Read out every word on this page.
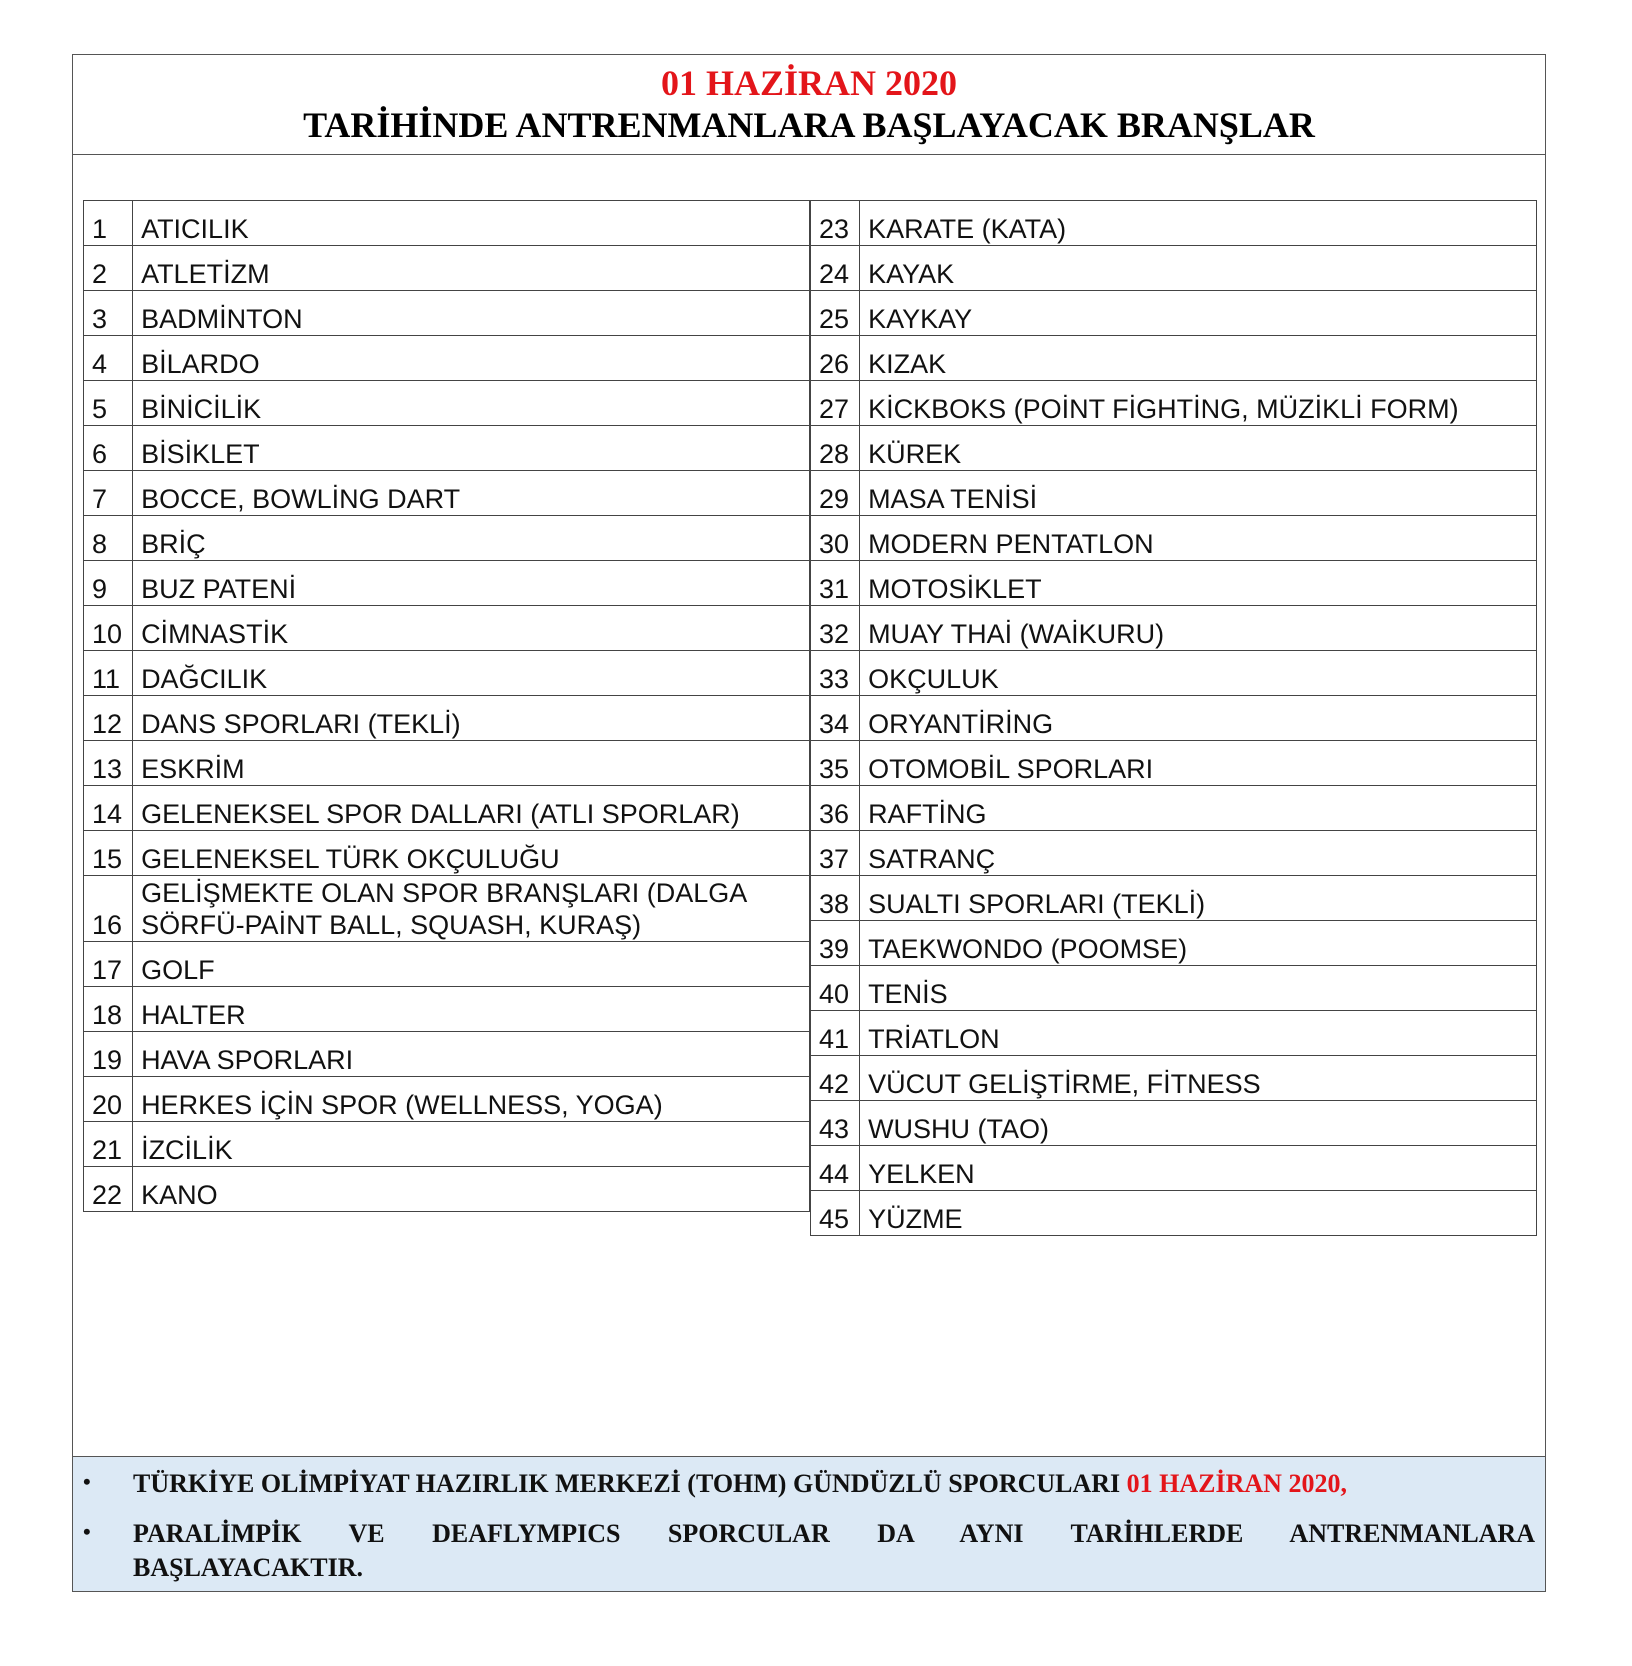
01 HAZİRAN 2020
TARİHİNDE ANTRENMANLARA BAŞLAYACAK BRANŞLAR
1	ATICILIK
2	ATLETİZM
3	BADMİNTON
4	BİLARDO
5	BİNİCİLİK
6	BİSİKLET
7	BOCCE, BOWLİNG DART
8	BRİÇ
9	BUZ PATENİ
10	CİMNASTİK
11	DAĞCILIK
12	DANS SPORLARI (TEKLİ)
13	ESKRİM
14	GELENEKSEL SPOR DALLARI (ATLI SPORLAR)
15	GELENEKSEL TÜRK OKÇULUĞU
16	GELİŞMEKTE OLAN SPOR BRANŞLARI (DALGA
SÖRFÜ-PAİNT BALL, SQUASH, KURAŞ)

17	GOLF
18	HALTER
19	HAVA SPORLARI
20	HERKES İÇİN SPOR (WELLNESS, YOGA)
21	İZCİLİK
22	KANO
23	KARATE (KATA)
24	KAYAK
25	KAYKAY
26	KIZAK
27	KİCKBOKS (POİNT FİGHTİNG, MÜZİKLİ FORM)
28	KÜREK
29	MASA TENİSİ
30	MODERN PENTATLON
31	MOTOSİKLET
32	MUAY THAİ (WAİKURU)
33	OKÇULUK
34	ORYANTİRİNG
35	OTOMOBİL SPORLARI
36	RAFTİNG
37	SATRANÇ
38	SUALTI SPORLARI (TEKLİ)
39	TAEKWONDO (POOMSE)
40	TENİS
41	TRİATLON
42	VÜCUT GELİŞTİRME, FİTNESS
43	WUSHU (TAO)
44	YELKEN
45	YÜZME
• TÜRKİYE OLİMPİYAT HAZIRLIK MERKEZİ (TOHM) GÜNDÜZLÜ SPORCULARI 01 HAZİRAN 2020,
• PARALİMPİK VE DEAFLYMPICS SPORCULAR DA AYNI TARİHLERDE ANTRENMANLARA
BAŞLAYACAKTIR.
